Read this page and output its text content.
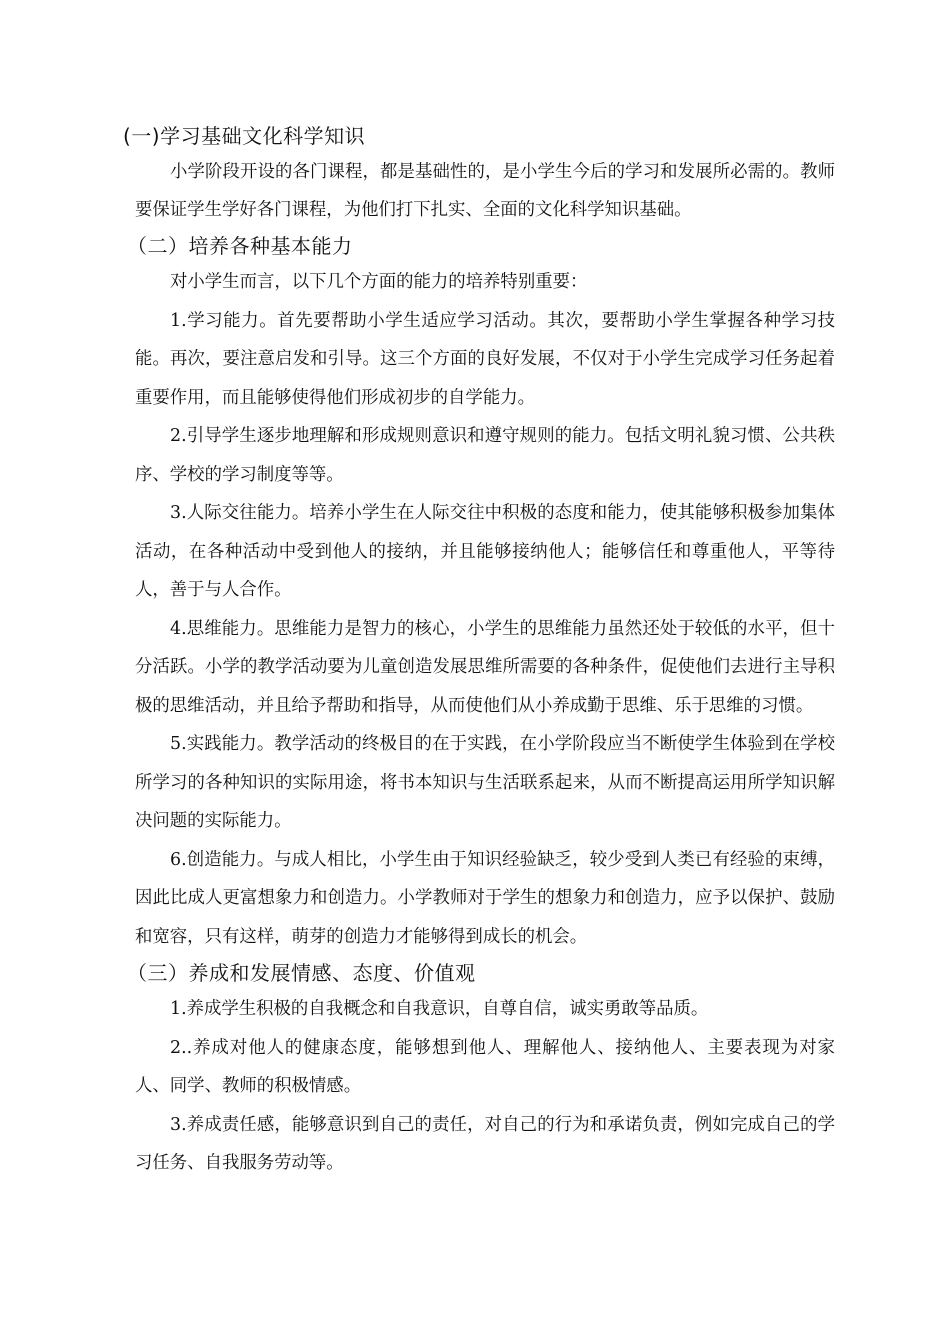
(一)学习基础文化科学知识

小学阶段开设的各门课程，都是基础性的，是小学生今后的学习和发展所必需的。教师要保证学生学好各门课程，为他们打下扎实、全面的文化科学知识基础。

（二）培养各种基本能力

对小学生而言，以下几个方面的能力的培养特别重要：

1.学习能力。首先要帮助小学生适应学习活动。其次，要帮助小学生掌握各种学习技能。再次，要注意启发和引导。这三个方面的良好发展，不仅对于小学生完成学习任务起着重要作用，而且能够使得他们形成初步的自学能力。

2.引导学生逐步地理解和形成规则意识和遵守规则的能力。包括文明礼貌习惯、公共秩序、学校的学习制度等等。

3.人际交往能力。培养小学生在人际交往中积极的态度和能力，使其能够积极参加集体活动，在各种活动中受到他人的接纳，并且能够接纳他人；能够信任和尊重他人，平等待人，善于与人合作。

4.思维能力。思维能力是智力的核心，小学生的思维能力虽然还处于较低的水平，但十分活跃。小学的教学活动要为儿童创造发展思维所需要的各种条件，促使他们去进行主导积极的思维活动，并且给予帮助和指导，从而使他们从小养成勤于思维、乐于思维的习惯。

5.实践能力。教学活动的终极目的在于实践，在小学阶段应当不断使学生体验到在学校所学习的各种知识的实际用途，将书本知识与生活联系起来，从而不断提高运用所学知识解决问题的实际能力。

6.创造能力。与成人相比，小学生由于知识经验缺乏，较少受到人类已有经验的束缚，因此比成人更富想象力和创造力。小学教师对于学生的想象力和创造力，应予以保护、鼓励和宽容，只有这样，萌芽的创造力才能够得到成长的机会。

（三）养成和发展情感、态度、价值观

1.养成学生积极的自我概念和自我意识，自尊自信，诚实勇敢等品质。

2..养成对他人的健康态度，能够想到他人、理解他人、接纳他人、主要表现为对家人、同学、教师的积极情感。

3.养成责任感，能够意识到自己的责任，对自己的行为和承诺负责，例如完成自己的学习任务、自我服务劳动等。
